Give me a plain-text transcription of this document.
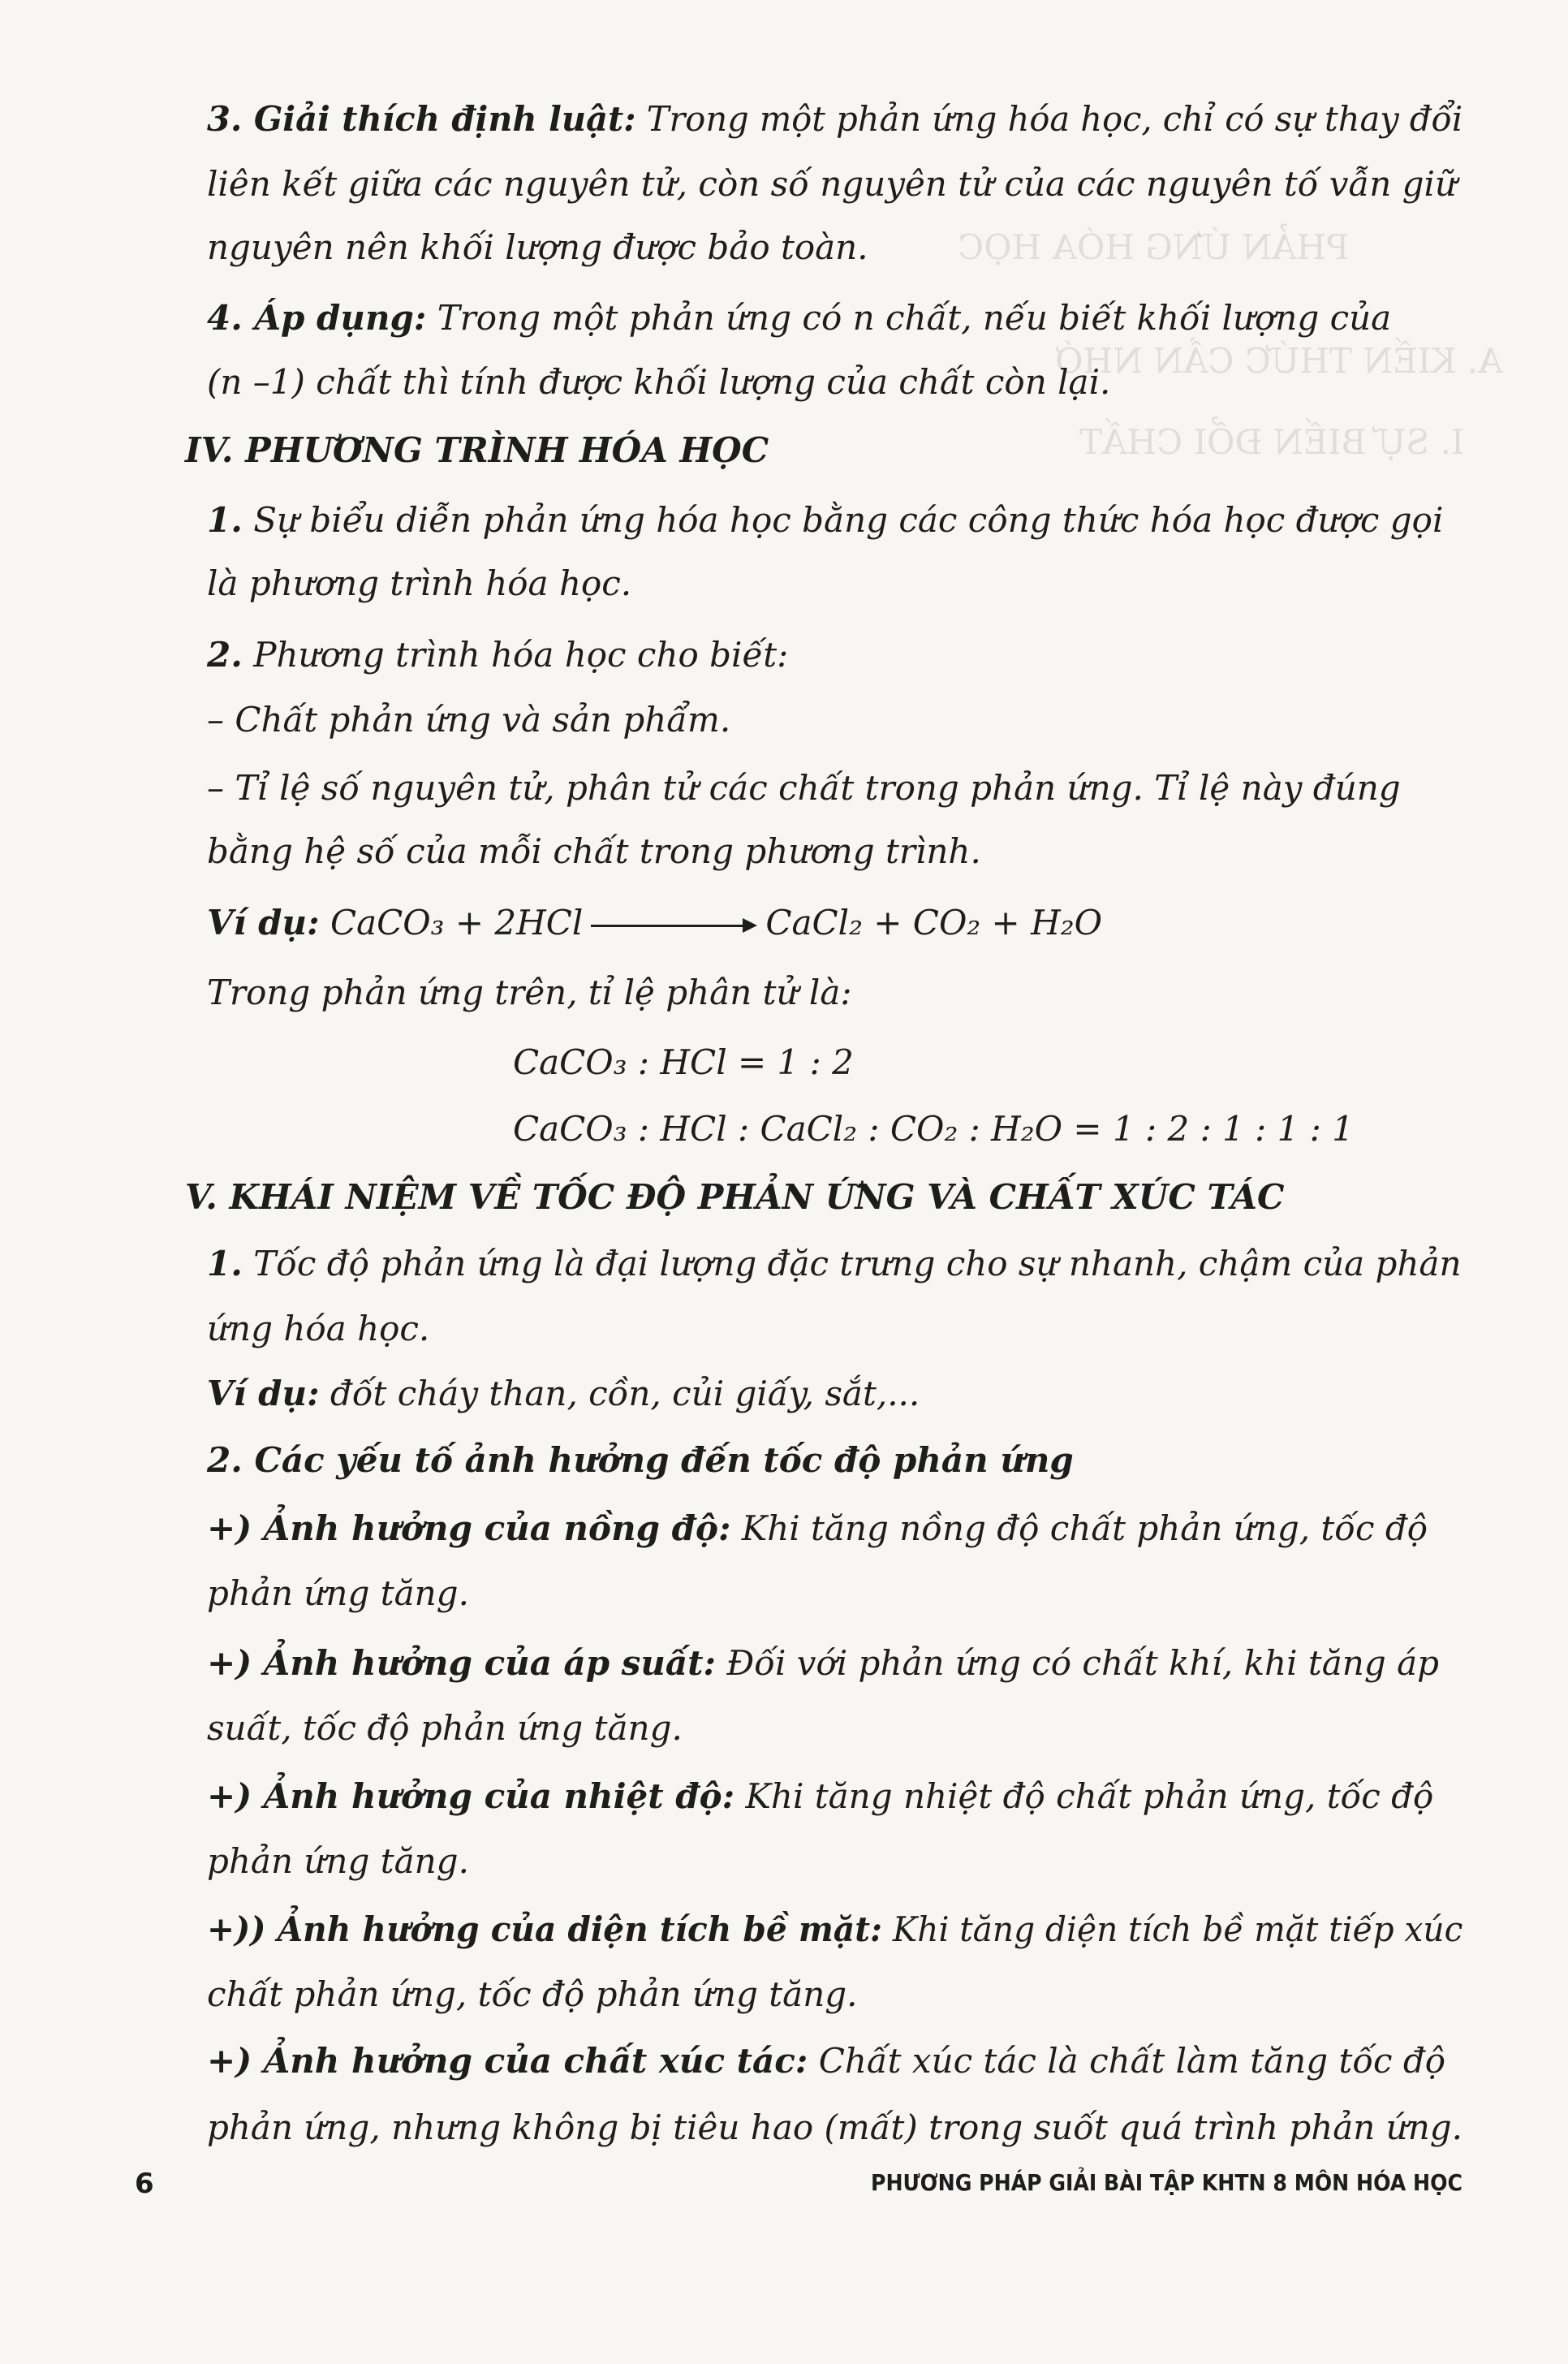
PHẢN ỨNG HÓA HỌC
A. KIẾN THỨC CẦN NHỚ
I. SỰ BIẾN ĐỔI CHẤT
3. Giải thích định luật: Trong một phản ứng hóa học, chỉ có sự thay đổi
liên kết giữa các nguyên tử, còn số nguyên tử của các nguyên tố vẫn giữ
nguyên nên khối lượng được bảo toàn.
4. Áp dụng: Trong một phản ứng có n chất, nếu biết khối lượng của
(n –1) chất thì tính được khối lượng của chất còn lại.
IV. PHƯƠNG TRÌNH HÓA HỌC
1. Sự biểu diễn phản ứng hóa học bằng các công thức hóa học được gọi
là phương trình hóa học.
2. Phương trình hóa học cho biết:
– Chất phản ứng và sản phẩm.
– Tỉ lệ số nguyên tử, phân tử các chất trong phản ứng. Tỉ lệ này đúng
bằng hệ số của mỗi chất trong phương trình.
Trong phản ứng trên, tỉ lệ phân tử là:
V. KHÁI NIỆM VỀ TỐC ĐỘ PHẢN ỨNG VÀ CHẤT XÚC TÁC
1. Tốc độ phản ứng là đại lượng đặc trưng cho sự nhanh, chậm của phản
ứng hóa học.
Ví dụ: đốt cháy than, cồn, củi giấy, sắt,...
2. Các yếu tố ảnh hưởng đến tốc độ phản ứng
+) Ảnh hưởng của nồng độ: Khi tăng nồng độ chất phản ứng, tốc độ
phản ứng tăng.
+) Ảnh hưởng của áp suất: Đối với phản ứng có chất khí, khi tăng áp
suất, tốc độ phản ứng tăng.
+) Ảnh hưởng của nhiệt độ: Khi tăng nhiệt độ chất phản ứng, tốc độ
phản ứng tăng.
+)) Ảnh hưởng của diện tích bề mặt: Khi tăng diện tích bề mặt tiếp xúc
chất phản ứng, tốc độ phản ứng tăng.
+) Ảnh hưởng của chất xúc tác: Chất xúc tác là chất làm tăng tốc độ
phản ứng, nhưng không bị tiêu hao (mất) trong suốt quá trình phản ứng.
Ví dụ: CaCO₃ + 2HCl	CaCl₂ + CO₂ + H₂O
CaCO₃ : HCl = 1 : 2
CaCO₃ : HCl : CaCl₂ : CO₂ : H₂O = 1 : 2 : 1 : 1 : 1
6	PHƯƠNG PHÁP GIẢI BÀI TẬP KHTN 8 MÔN HÓA HỌC
